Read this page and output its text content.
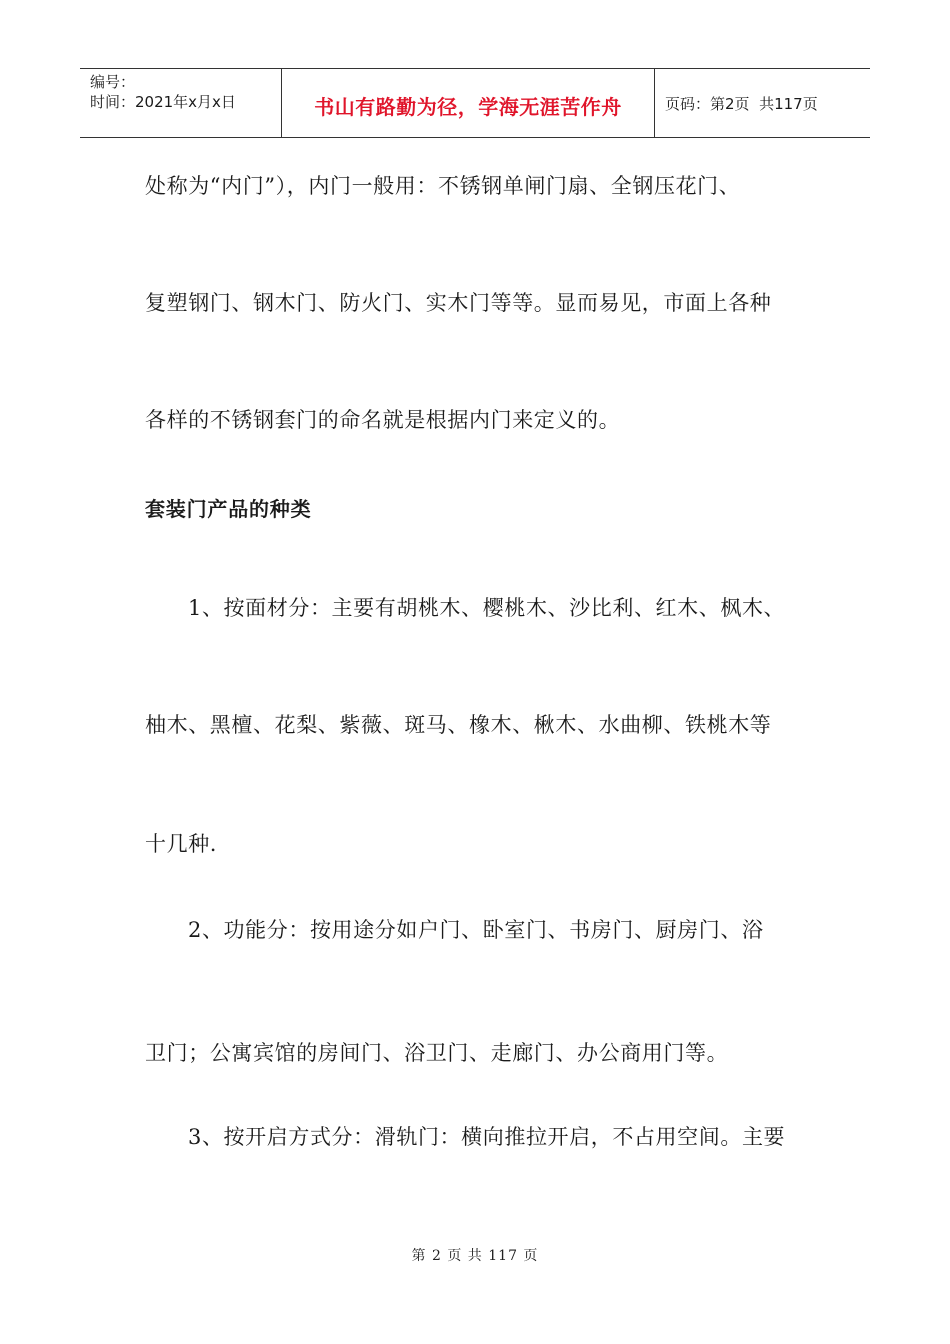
编号：
时间：2021年x月x日	书山有路勤为径，学海无涯苦作舟	页码：第2页  共117页
处称为“内门”），内门一般用：不锈钢单闸门扇、全钢压花门、
复塑钢门、钢木门、防火门、实木门等等。显而易见，市面上各种
各样的不锈钢套门的命名就是根据内门来定义的。
套装门产品的种类
1、按面材分：主要有胡桃木、樱桃木、沙比利、红木、枫木、
柚木、黑檀、花梨、紫薇、斑马、橡木、楸木、水曲柳、铁桃木等
十几种.
2、功能分：按用途分如户门、卧室门、书房门、厨房门、浴
卫门；公寓宾馆的房间门、浴卫门、走廊门、办公商用门等。
3、按开启方式分：滑轨门：横向推拉开启，不占用空间。主要
第 2 页 共 117 页
